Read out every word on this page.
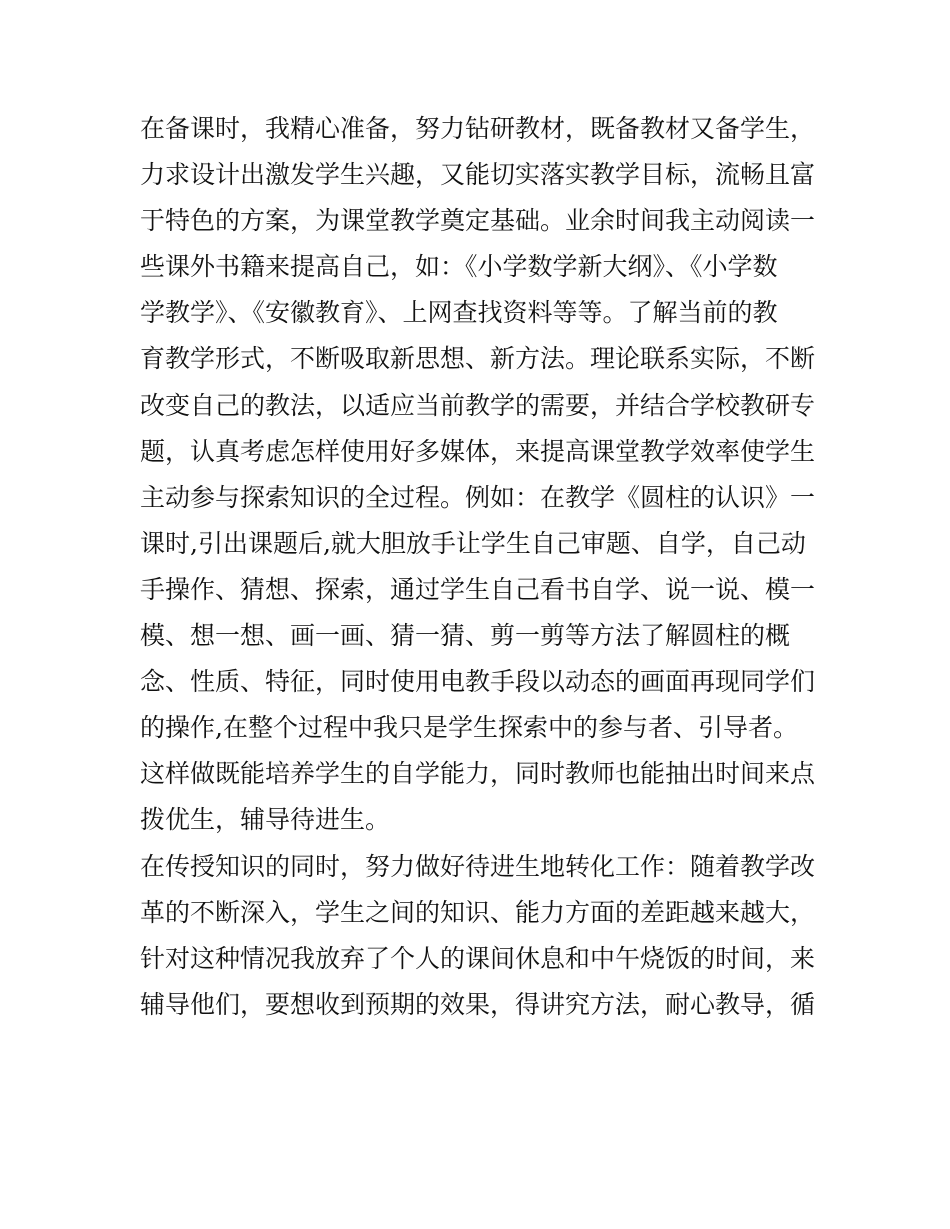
在备课时，我精心准备，努力钻研教材，既备教材又备学生，
力求设计出激发学生兴趣，又能切实落实教学目标，流畅且富
于特色的方案，为课堂教学奠定基础。业余时间我主动阅读一
些课外书籍来提高自己，如：《小学数学新大纲》、《小学数
学教学》、《安徽教育》、上网查找资料等等。了解当前的教
育教学形式，不断吸取新思想、新方法。理论联系实际，不断
改变自己的教法，以适应当前教学的需要，并结合学校教研专
题，认真考虑怎样使用好多媒体，来提高课堂教学效率使学生
主动参与探索知识的全过程。例如：在教学《圆柱的认识》一
课时,引出课题后,就大胆放手让学生自己审题、自学，自己动
手操作、猜想、探索，通过学生自己看书自学、说一说、模一
模、想一想、画一画、猜一猜、剪一剪等方法了解圆柱的概
念、性质、特征，同时使用电教手段以动态的画面再现同学们
的操作,在整个过程中我只是学生探索中的参与者、引导者。
这样做既能培养学生的自学能力，同时教师也能抽出时间来点
拨优生，辅导待进生。
在传授知识的同时，努力做好待进生地转化工作：随着教学改
革的不断深入，学生之间的知识、能力方面的差距越来越大，
针对这种情况我放弃了个人的课间休息和中午烧饭的时间，来
辅导他们，要想收到预期的效果，得讲究方法，耐心教导，循
